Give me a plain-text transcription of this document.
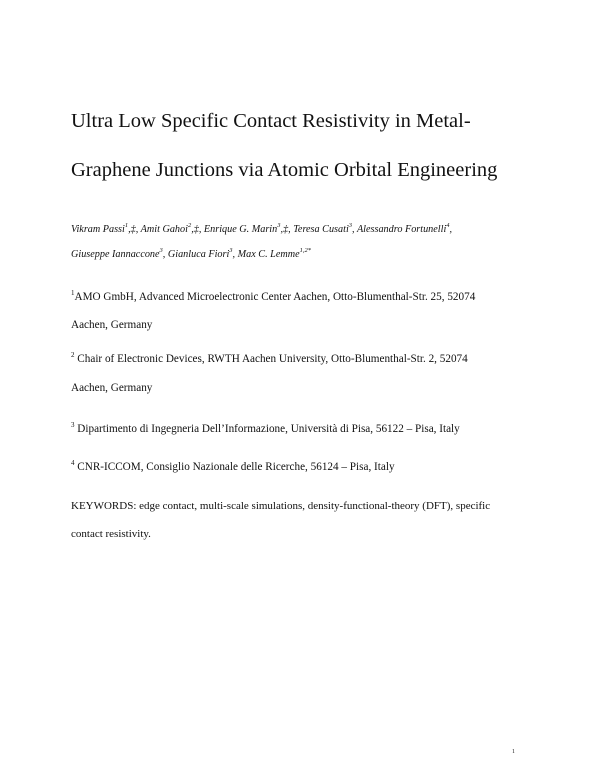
Ultra Low Specific Contact Resistivity in Metal-
Graphene Junctions via Atomic Orbital Engineering
Vikram Passi$^1$,‡, Amit Gahoi$^2$,‡, Enrique G. Marin$^3$,‡, Teresa Cusati$^3$, Alessandro Fortunelli$^4$,
Giuseppe Iannaccone$^3$, Gianluca Fiori$^3$, Max C. Lemme$^{1,2*}$
$^1$AMO GmbH, Advanced Microelectronic Center Aachen, Otto-Blumenthal-Str. 25, 52074
Aachen, Germany
$^2$ Chair of Electronic Devices, RWTH Aachen University, Otto-Blumenthal-Str. 2, 52074
Aachen, Germany
$^3$ Dipartimento di Ingegneria Dell’Informazione, Università di Pisa, 56122 – Pisa, Italy
$^4$ CNR-ICCOM, Consiglio Nazionale delle Ricerche, 56124 – Pisa, Italy
KEYWORDS: edge contact, multi-scale simulations, density-functional-theory (DFT), specific
contact resistivity.
1
